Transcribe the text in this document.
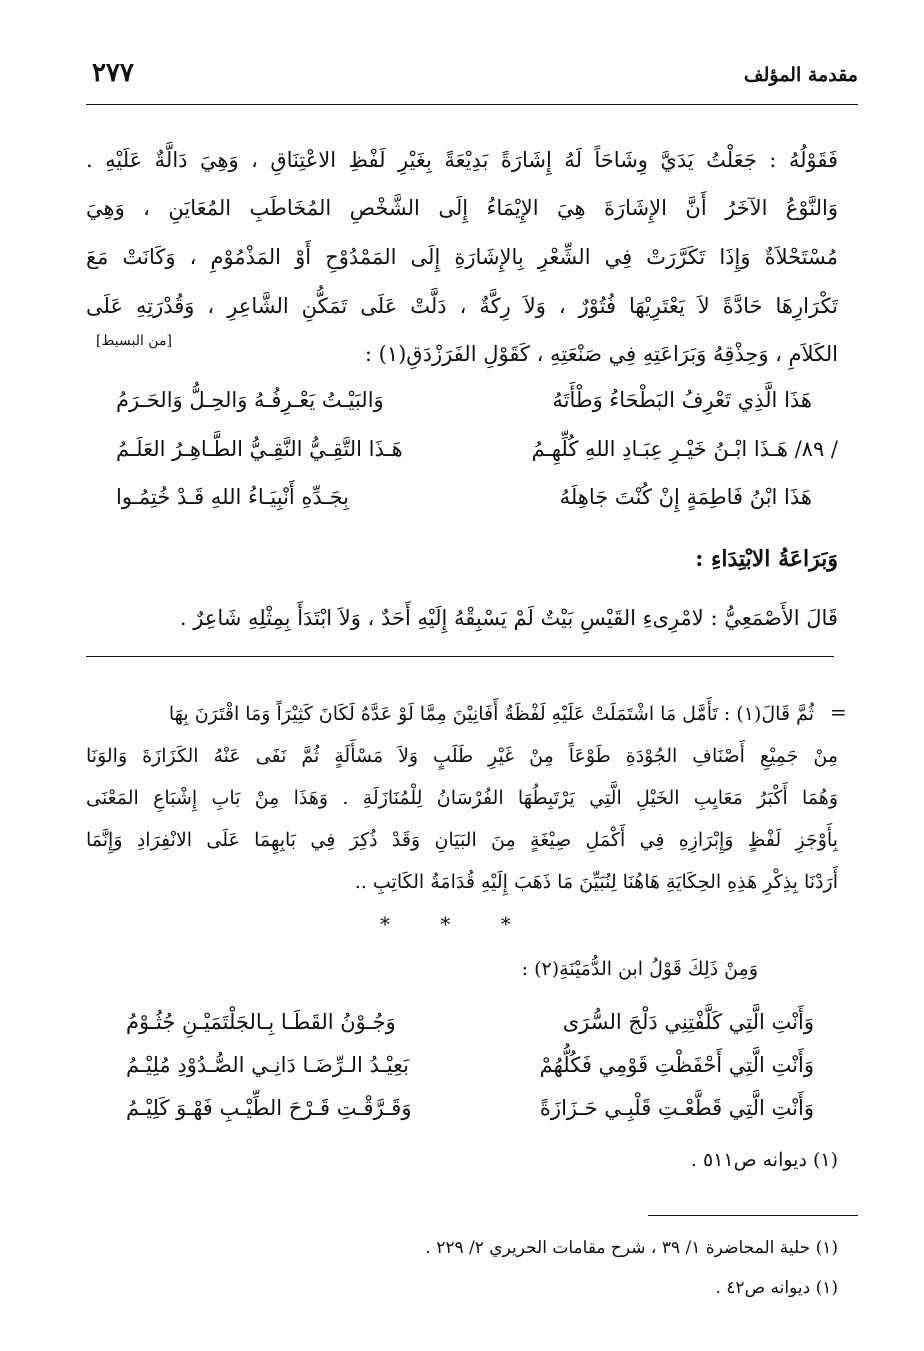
مقدمة المؤلف
٢٧٧
فَقَوْلُهُ : جَعَلْتُ يَدَيَّ وِشَاحَاً لَهُ إِشَارَةً بَدِيْعَةً بِغَيْرِ لَفْظِ الاعْتِنَاقِ ، وَهِيَ دَالَّةٌ عَلَيْهِ .
وَالنَّوْعُ الآخَرُ أَنَّ الإِشَارَةَ هِيَ الإِيْمَاءُ إِلَى الشَّخْصِ المُخَاطَبِ المُعَايَنِ ، وَهِيَ
مُسْتَحْلاَةٌ وَإِذَا تَكَرَّرَتْ فِي الشِّعْرِ بِالإِشَارَةِ إِلَى المَمْدُوْحِ أَوْ المَذْمُوْمِ ، وَكَانَتْ مَعَ
تَكْرَارِهَا حَادَّةً لاَ يَعْتَرِيْهَا فُتُوْرٌ ، وَلاَ رِكَّةٌ ، دَلَّتْ عَلَى تَمَكُّنِ الشَّاعِرِ ، وَقُدْرَتِهِ عَلَى
الكَلاَمِ ، وَحِذْقِهُ وَبَرَاعَتِهِ فِي صَنْعَتِهِ ، كَقَوْلِ الفَرَزْدَقِ(١) :
[من البسيط]
هَذَا الَّذِي تَعْرِفُ البَطْحَاءُ وَطْأَتَهُ
وَالبَيْـتُ يَعْـرِفُـهُ وَالحِـلُّ وَالحَـرَمُ
/ ٨٩/ هَـذَا ابْـنُ خَيْـرِ عِبَـادِ اللهِ كُلِّهِـمُ
هَـذَا التَّقِـيُّ النَّقِـيُّ الطَّـاهِـرُ العَلَـمُ
هَذَا ابْنُ فَاطِمَةٍ إِنْ كُنْتَ جَاهِلَهُ
بِجَـدِّهِ أَنْبِيَـاءُ اللهِ قَـدْ خُتِمُـوا
وَبَرَاعَةُ الابْتِدَاءِ :
قَالَ الأَصْمَعِيُّ : لامْرِىءِ القَيْسِ بَيْتٌ لَمْ يَسْبِقْهُ إِلَيْهِ أَحَدٌ ، وَلاَ ابْتَدَأَ بِمِثْلِهِ شَاعِرٌ .
=
ثُمَّ قَالَ(١) : تَأَمَّل مَا اشْتَمَلَتْ عَلَيْهِ لَفْظَةُ أَفَانِيْنَ مِمَّا لَوْ عَدَّهُ لَكَانَ كَثِيْرَاً وَمَا اقْتَرَنَ بِهَا
مِنْ جَمِيْعِ أَصْنَافِ الجُوْدَةِ طَوْعَاً مِنْ غَيْرِ طَلَبٍ وَلاَ مَسْأَلَةٍ ثُمَّ نَفَى عَنْهُ الكَزَازَةَ وَالوَنَا
وَهُمَا أَكْبَرُ مَعَايِبِ الخَيْلِ الَّتِي يَرْتَبِطُهَا الفُرْسَانُ لِلْمُنَازَلَةِ . وَهَذَا مِنْ بَابِ إِشْبَاعِ المَعْنَى
بِأَوْجَزِ لَفْظٍ وَإِبْرَازِهِ فِي أَكْمَلِ صِيْغَةٍ مِنَ البَيَانِ وَقَدْ ذُكِرَ فِي بَابِهِمَا عَلَى الانْفِرَادِ وَإِنَّمَا
أَرَدْنَا بِذِكْرِ هَذِهِ الحِكَايَةِ هَاهُنَا لِنُبَيِّنَ مَا ذَهَبَ إِلَيْهِ قُدَامَةُ الكَاتِبِ ..
* * *
وَمِنْ ذَلِكَ قَوْلُ ابن الدُّمَيْنَةِ(٢) :
وَأَنْتِ الَّتِي كَلَّفْتِنِي دَلْجَ السُّرَى
وَجُـوْنُ القَطَـا بِـالجَلْتَمَيْـنِ جُثُـوْمُ
وَأَنْتِ الَّتِي أَحْفَظْتِ قَوْمِي فَكُلُّهُمْ
بَعِيْـدُ الـرِّضَـا دَانِـي الصُّـدُوْدِ مُلِيْـمُ
وَأَنْتِ الَّتِي قَطَّعْـتِ قَلْبِـي حَـزَازَةً
وَقَـرَّقْـتِ قَـرْحَ الطِّيْـبِ فَهْـوَ كَلِيْـمُ
(١) ديوانه ص٥١١ .
(١) حلية المحاضرة ١/ ٣٩ ، شرح مقامات الحريري ٢/ ٢٢٩ .
(١) ديوانه ص٤٢ .
